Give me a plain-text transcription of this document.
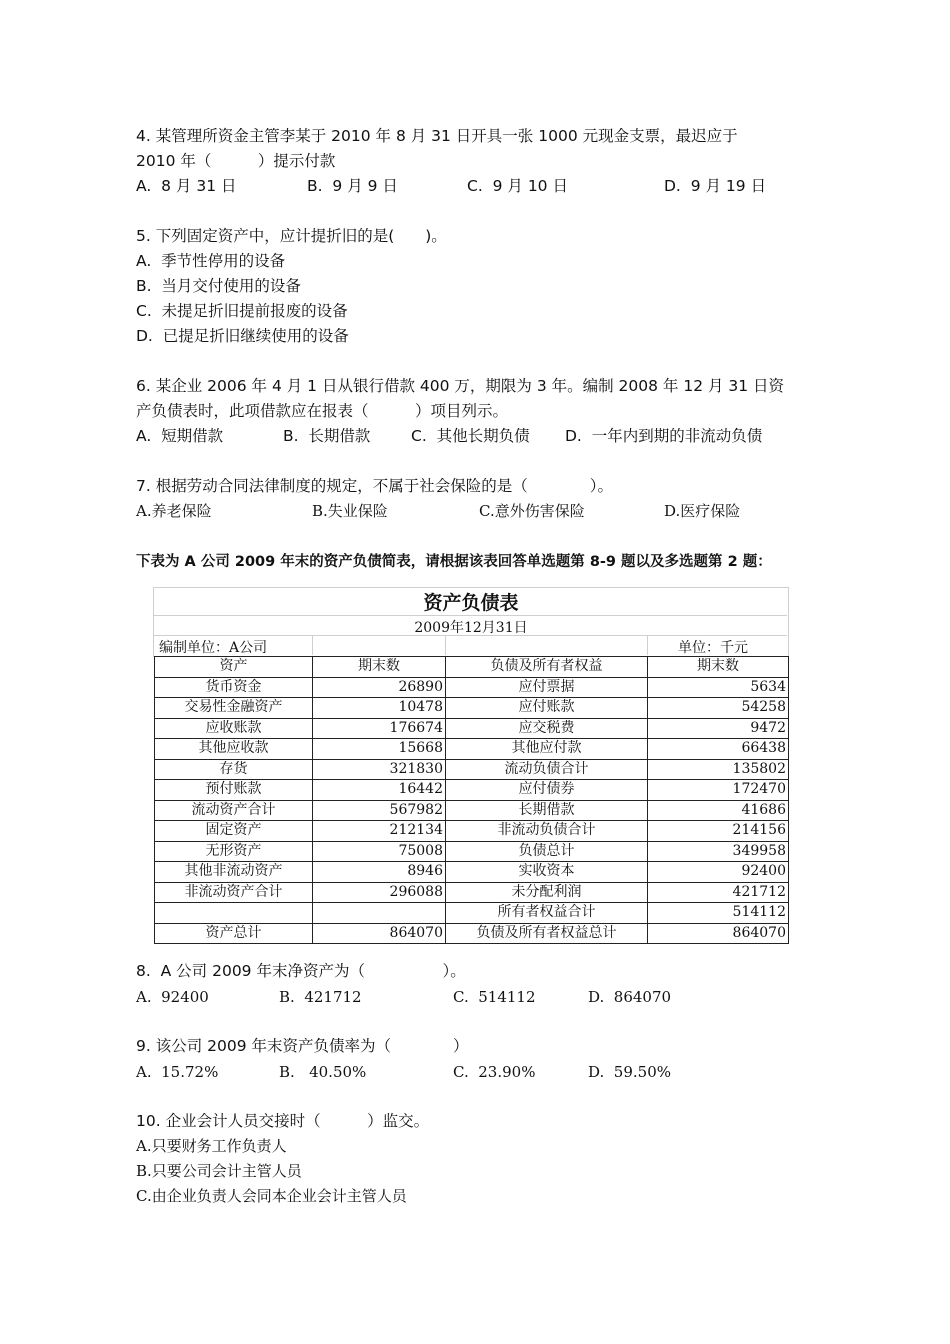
4. 某管理所资金主管李某于 2010 年 8 月 31 日开具一张 1000 元现金支票，最迟应于
2010 年（　　　）提示付款
A.  8 月 31 日	B.  9 月 9 日	C.  9 月 10 日	D.  9 月 19 日
5. 下列固定资产中，应计提折旧的是(　　)。
A.  季节性停用的设备
B.  当月交付使用的设备
C.  未提足折旧提前报废的设备
D.  已提足折旧继续使用的设备
6. 某企业 2006 年 4 月 1 日从银行借款 400 万，期限为 3 年。编制 2008 年 12 月 31 日资
产负债表时，此项借款应在报表（　　　）项目列示。
A.  短期借款	B.  长期借款	C.  其他长期负债 D.  一年内到期的非流动负债
7. 根据劳动合同法律制度的规定，不属于社会保险的是（　　　　）。
A.养老保险	B.失业保险	C.意外伤害保险	D.医疗保险
下表为 A 公司 2009 年末的资产负债简表，请根据该表回答单选题第 8-9 题以及多选题第 2 题：
资产负债表
2009年12月31日
编制单位：A公司	单位：千元
资产	期末数	负债及所有者权益	期末数
货币资金	26890	应付票据	5634
交易性金融资产	10478	应付账款	54258
应收账款	176674	应交税费	9472
其他应收款	15668	其他应付款	66438
存货	321830	流动负债合计	135802
预付账款	16442	应付债券	172470
流动资产合计	567982	长期借款	41686
固定资产	212134	非流动负债合计	214156
无形资产	75008	负债总计	349958
其他非流动资产	8946	实收资本	92400
非流动资产合计	296088	未分配利润	421712
		所有者权益合计	514112
资产总计	864070	负债及所有者权益总计	864070
8.  A 公司 2009 年末净资产为（　　　　　）。
A.  92400	B.  421712	C.  514112	D.  864070
9. 该公司 2009 年末资产负债率为（　　　　）
A.  15.72%	B.   40.50%	C.  23.90%	D.  59.50%
10. 企业会计人员交接时（　　　）监交。
A.只要财务工作负责人
B.只要公司会计主管人员
C.由企业负责人会同本企业会计主管人员
